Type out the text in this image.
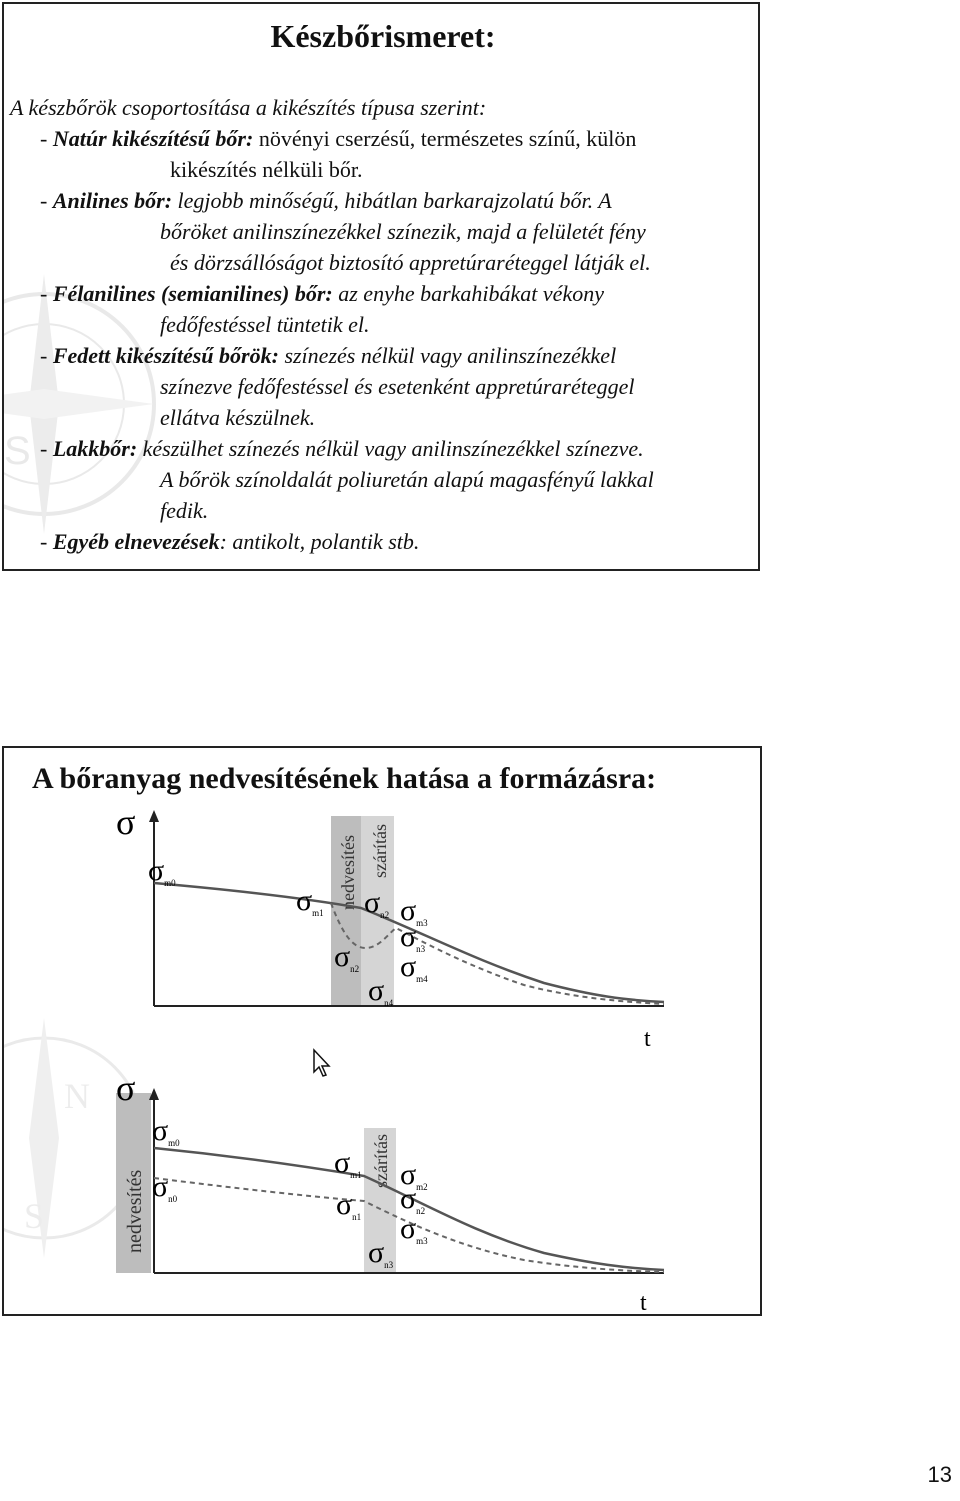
S
Készbőrismeret:
A készbőrök csoportosítása a kikészítés típusa szerint:
- Natúr kikészítésű bőr: növényi cserzésű, természetes színű, külön
kikészítés nélküli bőr.
- Anilines bőr: legjobb minőségű, hibátlan barkarajzolatú bőr. A
bőröket anilinszínezékkel színezik, majd a felületét fény
és dörzsállóságot biztosító appretúraréteggel látják el.
- Félanilines (semianilines) bőr: az enyhe barkahibákat vékony
fedőfestéssel tüntetik el.
- Fedett kikészítésű bőrök: színezés nélkül vagy anilinszínezékkel
színezve fedőfestéssel és esetenként appretúraréteggel
ellátva készülnek.
- Lakkbőr: készülhet színezés nélkül vagy anilinszínezékkel színezve.
A bőrök színoldalát poliuretán alapú magasfényű lakkal
fedik.
- Egyéb elnevezések: antikolt, polantik stb.
A bőranyag nedvesítésének hatása a formázásra:
S
N
nedvesítés szárítás
σ
t
$\sigma_{m0}$
$\sigma_{m1}$ $\sigma_{n2}$ $\sigma_{m3}$
$\sigma_{n3}$
$\sigma_{n2}$ $\sigma_{m4}$
$\sigma_{n4}$
nedvesítés
szárítás
σ
t
$\sigma_{m0}$
$\sigma_{n0}$
$\sigma_{m1}$ $\sigma_{m2}$
$\sigma_{n1}$
$\sigma_{n2}$
$\sigma_{m3}$
$\sigma_{n3}$
13
